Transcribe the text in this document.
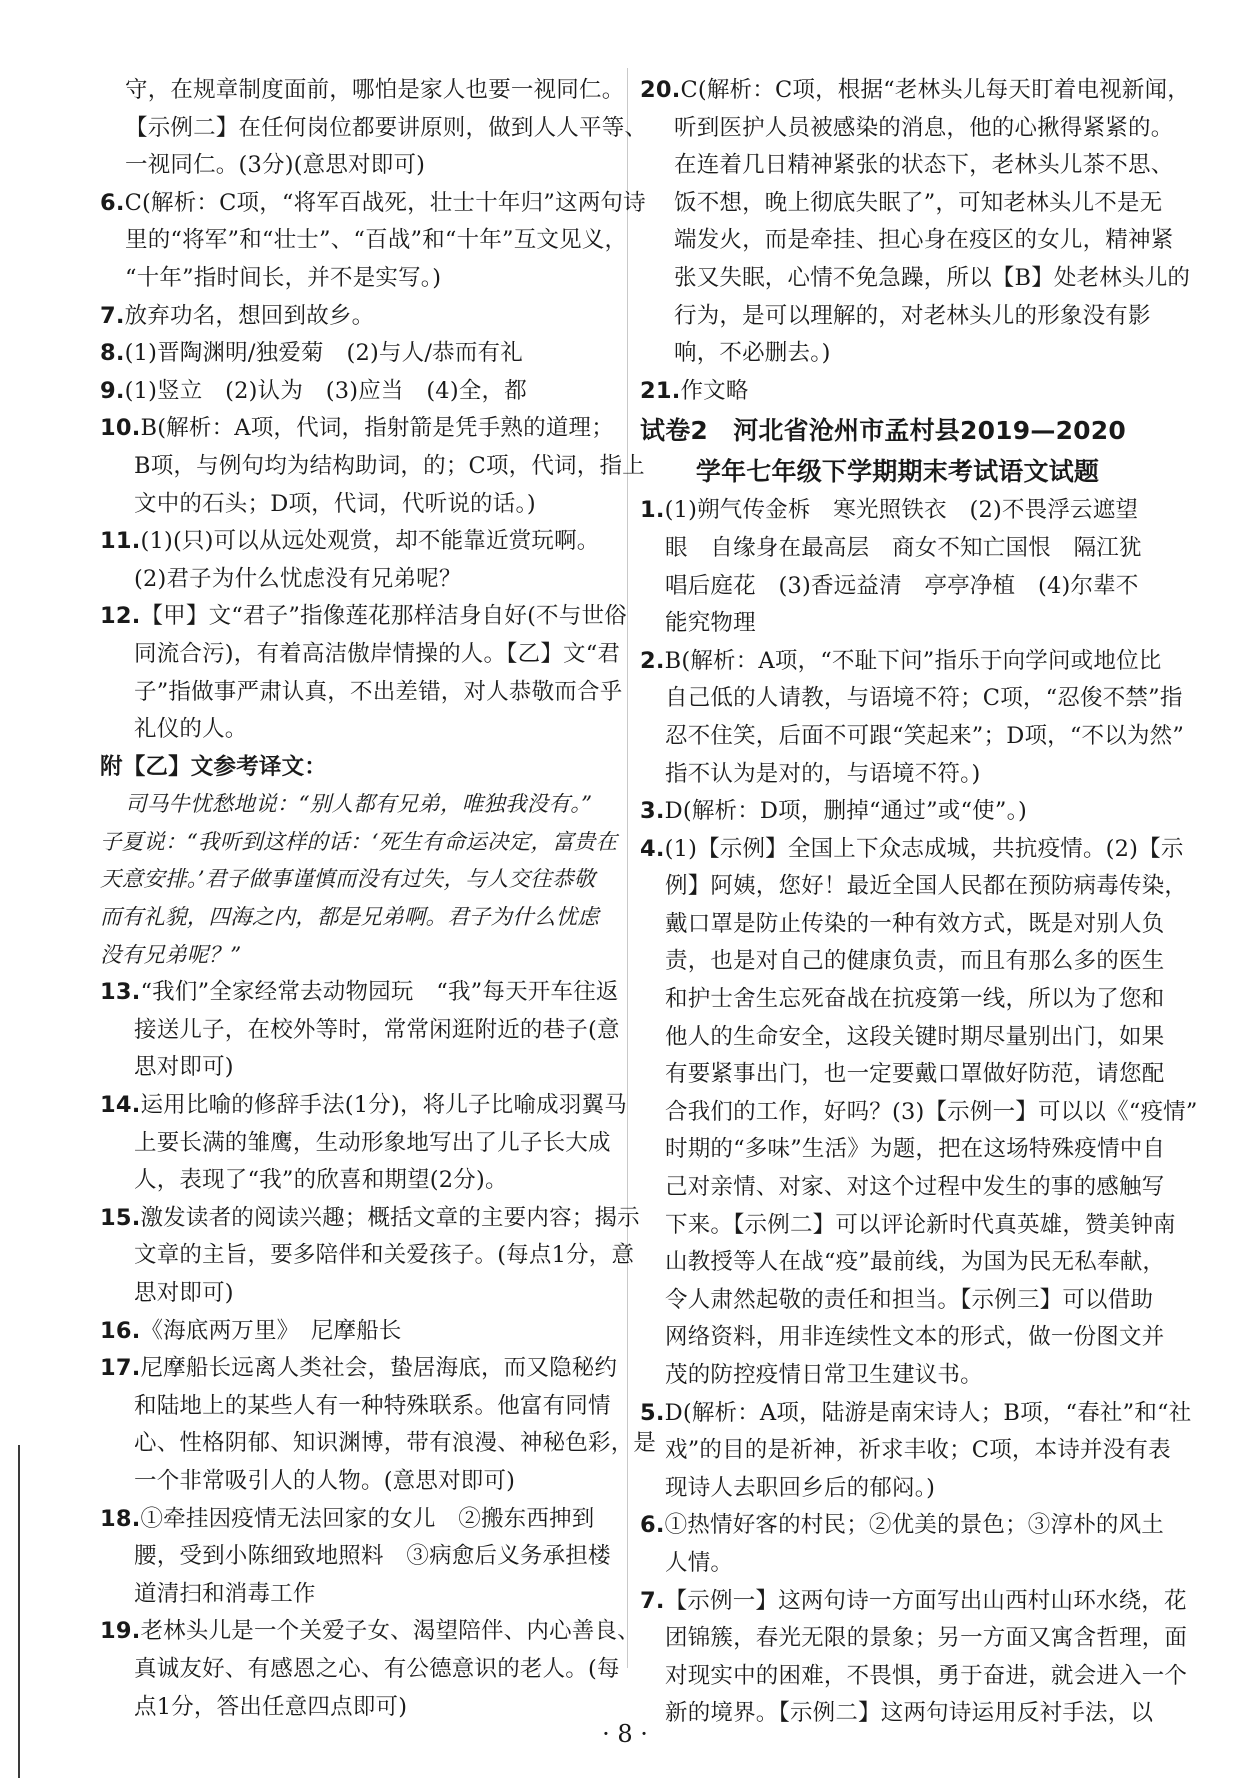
守，在规章制度面前，哪怕是家人也要一视同仁。
【示例二】在任何岗位都要讲原则，做到人人平等、
一视同仁。(3分)(意思对即可)
6.C(解析：C项，“将军百战死，壮士十年归”这两句诗
里的“将军”和“壮士”、“百战”和“十年”互文见义，
“十年”指时间长，并不是实写。)
7.放弃功名，想回到故乡。
8.(1)晋陶渊明/独爱菊　(2)与人/恭而有礼
9.(1)竖立　(2)认为　(3)应当　(4)全，都
10.B(解析：A项，代词，指射箭是凭手熟的道理；
B项，与例句均为结构助词，的；C项，代词，指上
文中的石头；D项，代词，代听说的话。)
11.(1)(只)可以从远处观赏，却不能靠近赏玩啊。
(2)君子为什么忧虑没有兄弟呢？
12.【甲】文“君子”指像莲花那样洁身自好(不与世俗
同流合污)，有着高洁傲岸情操的人。【乙】文“君
子”指做事严肃认真，不出差错，对人恭敬而合乎
礼仪的人。
附【乙】文参考译文：
司马牛忧愁地说：“别人都有兄弟，唯独我没有。”
子夏说：“我听到这样的话：‘死生有命运决定，富贵在
天意安排。’君子做事谨慎而没有过失，与人交往恭敬
而有礼貌，四海之内，都是兄弟啊。君子为什么忧虑
没有兄弟呢？”
13.“我们”全家经常去动物园玩　“我”每天开车往返
接送儿子，在校外等时，常常闲逛附近的巷子(意
思对即可)
14.运用比喻的修辞手法(1分)，将儿子比喻成羽翼马
上要长满的雏鹰，生动形象地写出了儿子长大成
人，表现了“我”的欣喜和期望(2分)。
15.激发读者的阅读兴趣；概括文章的主要内容；揭示
文章的主旨，要多陪伴和关爱孩子。(每点1分，意
思对即可)
16.《海底两万里》　尼摩船长
17.尼摩船长远离人类社会，蛰居海底，而又隐秘约
和陆地上的某些人有一种特殊联系。他富有同情
心、性格阴郁、知识渊博，带有浪漫、神秘色彩，是
一个非常吸引人的人物。(意思对即可)
18.①牵挂因疫情无法回家的女儿　②搬东西抻到
腰，受到小陈细致地照料　③病愈后义务承担楼
道清扫和消毒工作
19.老林头儿是一个关爱子女、渴望陪伴、内心善良、
真诚友好、有感恩之心、有公德意识的老人。(每
点1分，答出任意四点即可)
20.C(解析：C项，根据“老林头儿每天盯着电视新闻，
听到医护人员被感染的消息，他的心揪得紧紧的。
在连着几日精神紧张的状态下，老林头儿茶不思、
饭不想，晚上彻底失眠了”，可知老林头儿不是无
端发火，而是牵挂、担心身在疫区的女儿，精神紧
张又失眠，心情不免急躁，所以【B】处老林头儿的
行为，是可以理解的，对老林头儿的形象没有影
响，不必删去。)
21.作文略
试卷2　河北省沧州市孟村县2019—2020
学年七年级下学期期末考试语文试题
1.(1)朔气传金柝　寒光照铁衣　(2)不畏浮云遮望
眼　自缘身在最高层　商女不知亡国恨　隔江犹
唱后庭花　(3)香远益清　亭亭净植　(4)尔辈不
能究物理
2.B(解析：A项，“不耻下问”指乐于向学问或地位比
自己低的人请教，与语境不符；C项，“忍俊不禁”指
忍不住笑，后面不可跟“笑起来”；D项，“不以为然”
指不认为是对的，与语境不符。)
3.D(解析：D项，删掉“通过”或“使”。)
4.(1)【示例】全国上下众志成城，共抗疫情。(2)【示
例】阿姨，您好！最近全国人民都在预防病毒传染，
戴口罩是防止传染的一种有效方式，既是对别人负
责，也是对自己的健康负责，而且有那么多的医生
和护士舍生忘死奋战在抗疫第一线，所以为了您和
他人的生命安全，这段关键时期尽量别出门，如果
有要紧事出门，也一定要戴口罩做好防范，请您配
合我们的工作，好吗？(3)【示例一】可以以《“疫情”
时期的“多味”生活》为题，把在这场特殊疫情中自
己对亲情、对家、对这个过程中发生的事的感触写
下来。【示例二】可以评论新时代真英雄，赞美钟南
山教授等人在战“疫”最前线，为国为民无私奉献，
令人肃然起敬的责任和担当。【示例三】可以借助
网络资料，用非连续性文本的形式，做一份图文并
茂的防控疫情日常卫生建议书。
5.D(解析：A项，陆游是南宋诗人；B项，“春社”和“社
戏”的目的是祈神，祈求丰收；C项，本诗并没有表
现诗人去职回乡后的郁闷。)
6.①热情好客的村民；②优美的景色；③淳朴的风土
人情。
7.【示例一】这两句诗一方面写出山西村山环水绕，花
团锦簇，春光无限的景象；另一方面又寓含哲理，面
对现实中的困难，不畏惧，勇于奋进，就会进入一个
新的境界。【示例二】这两句诗运用反衬手法，以
· 8 ·
